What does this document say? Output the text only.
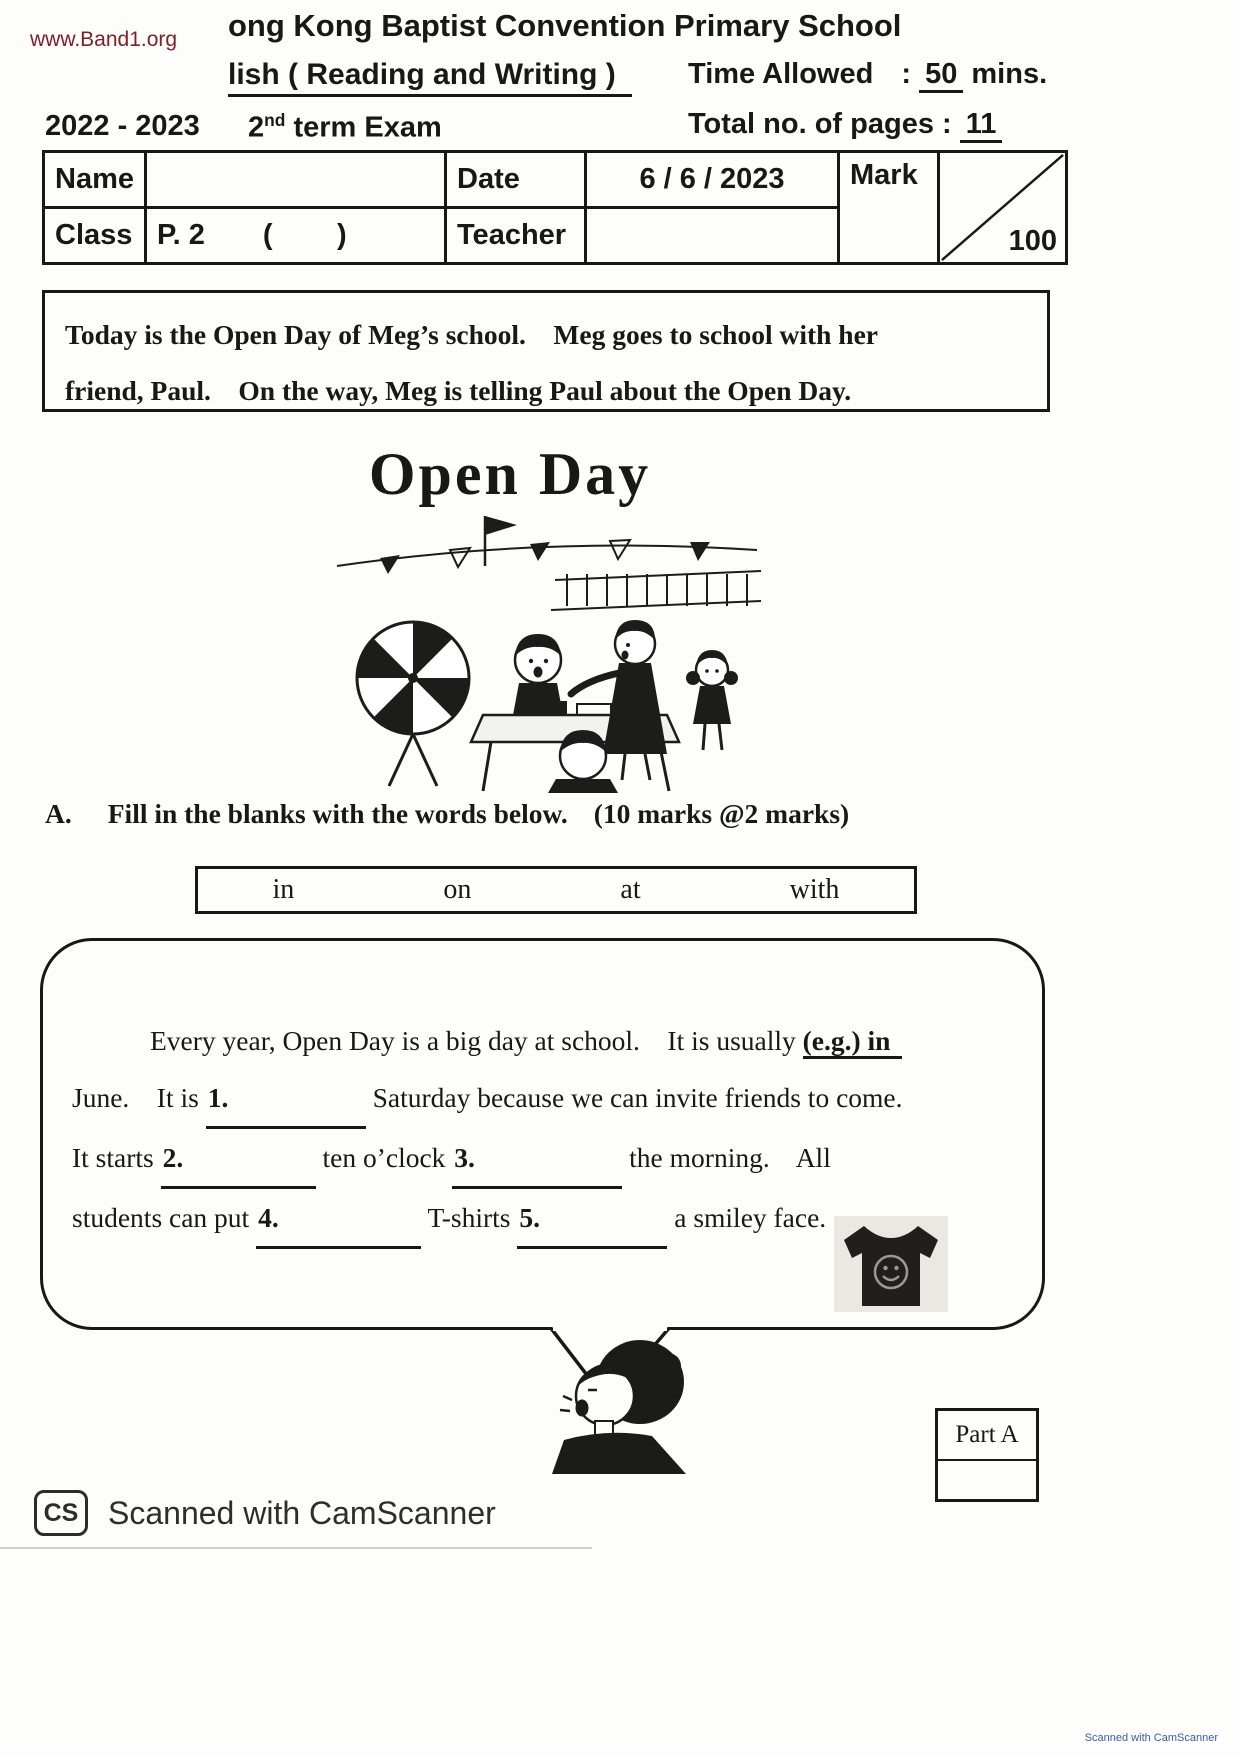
www.Band1.org ong Kong Baptist Convention Primary School
lish ( Reading and Writing )	Time Allowed : 50 mins.
2022 - 2023 2nd term Exam	Total no. of pages : 11
Name		Date	6 / 6 / 2023	Mark	100

Class	P. 2 (        )	Teacher			
Today is the Open Day of Meg’s school.    Meg goes to school with her
friend, Paul.    On the way, Meg is telling Paul about the Open Day.
Open Day
A. Fill in the blanks with the words below. (10 marks @2 marks)
in	on	at	with
Every year, Open Day is a big day at school.    It is usually (e.g.) in
June.    It is 1.	Saturday because we can invite friends to come.
It starts 2.	ten o’clock 3.	the morning.    All
students can put 4.	T-shirts 5.	a smiley face.
Part A
CS Scanned with CamScanner
Scanned with CamScanner
